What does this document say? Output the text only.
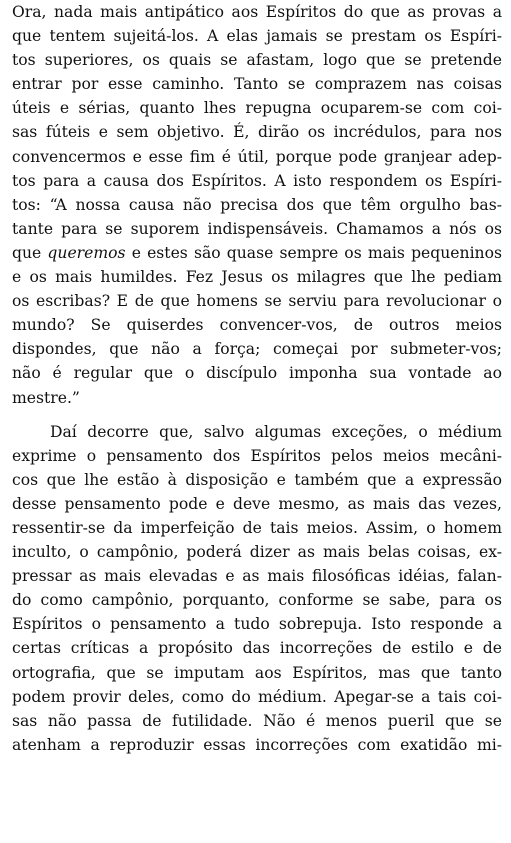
Ora, nada mais antipático aos Espíritos do que as provas a
que tentem sujeitá-los. A elas jamais se prestam os Espíri-
tos superiores, os quais se afastam, logo que se pretende
entrar por esse caminho. Tanto se comprazem nas coisas
úteis e sérias, quanto lhes repugna ocuparem-se com coi-
sas fúteis e sem objetivo. É, dirão os incrédulos, para nos
convencermos e esse fim é útil, porque pode granjear adep-
tos para a causa dos Espíritos. A isto respondem os Espíri-
tos: “A nossa causa não precisa dos que têm orgulho bas-
tante para se suporem indispensáveis. Chamamos a nós os
que queremos e estes são quase sempre os mais pequeninos
e os mais humildes. Fez Jesus os milagres que lhe pediam
os escribas? E de que homens se serviu para revolucionar o
mundo? Se quiserdes convencer-vos, de outros meios
dispondes, que não a força; começai por submeter-vos;
não é regular que o discípulo imponha sua vontade ao
mestre.”
Daí decorre que, salvo algumas exceções, o médium
exprime o pensamento dos Espíritos pelos meios mecâni-
cos que lhe estão à disposição e também que a expressão
desse pensamento pode e deve mesmo, as mais das vezes,
ressentir-se da imperfeição de tais meios. Assim, o homem
inculto, o campônio, poderá dizer as mais belas coisas, ex-
pressar as mais elevadas e as mais filosóficas idéias, falan-
do como campônio, porquanto, conforme se sabe, para os
Espíritos o pensamento a tudo sobrepuja. Isto responde a
certas críticas a propósito das incorreções de estilo e de
ortografia, que se imputam aos Espíritos, mas que tanto
podem provir deles, como do médium. Apegar-se a tais coi-
sas não passa de futilidade. Não é menos pueril que se
atenham a reproduzir essas incorreções com exatidão mi-
